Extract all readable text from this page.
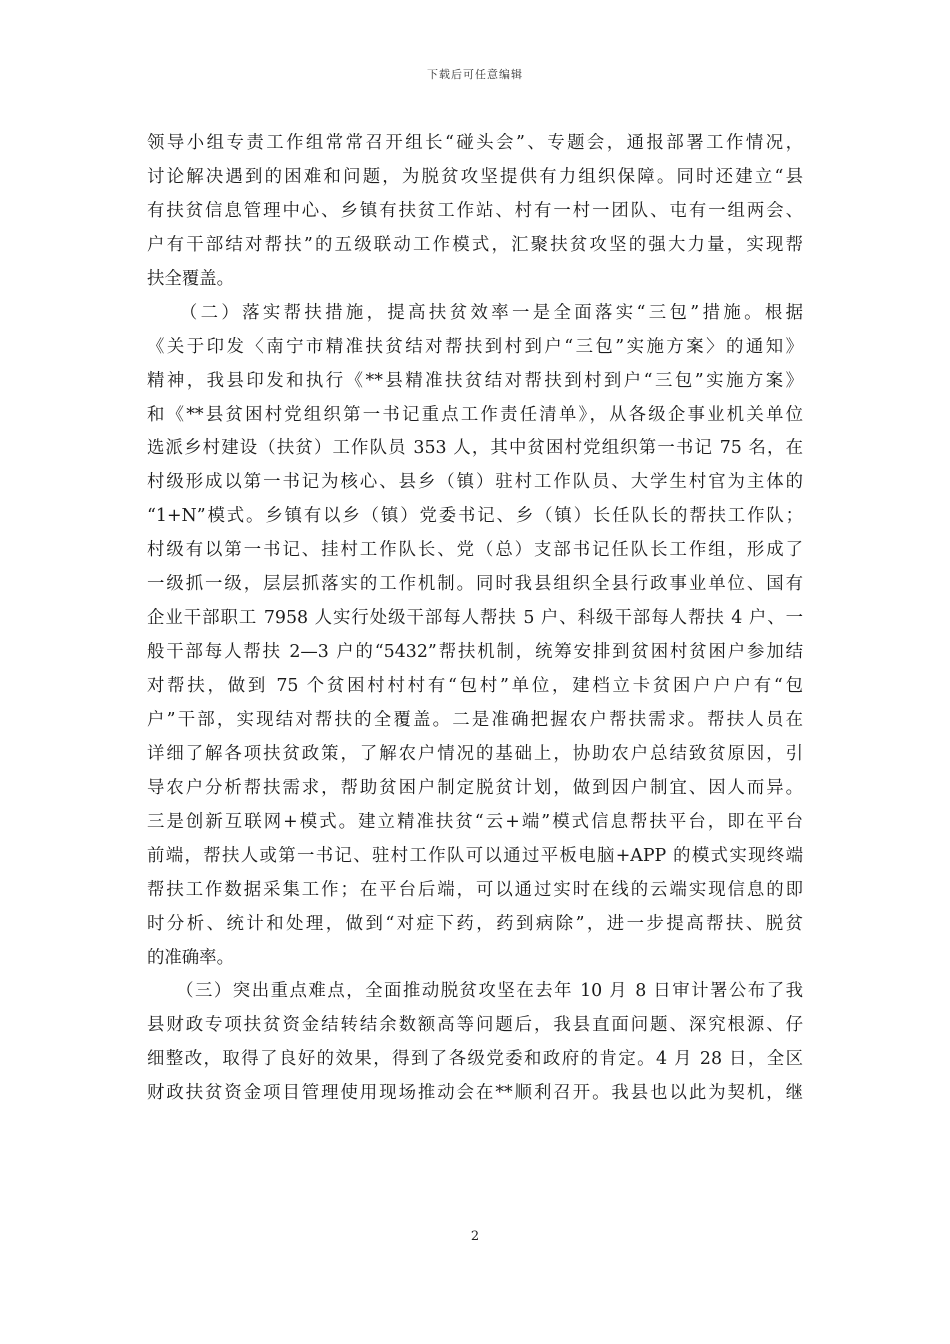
下载后可任意编辑
领导小组专责工作组常常召开组长“碰头会”、专题会，通报部署工作情况，
讨论解决遇到的困难和问题，为脱贫攻坚提供有力组织保障。同时还建立“县
有扶贫信息管理中心、乡镇有扶贫工作站、村有一村一团队、屯有一组两会、
户有干部结对帮扶”的五级联动工作模式，汇聚扶贫攻坚的强大力量，实现帮
扶全覆盖。
　　（二）落实帮扶措施，提高扶贫效率一是全面落实“三包”措施。根据
《关于印发〈南宁市精准扶贫结对帮扶到村到户“三包”实施方案〉的通知》
精神，我县印发和执行《**县精准扶贫结对帮扶到村到户“三包”实施方案》
和《**县贫困村党组织第一书记重点工作责任清单》，从各级企事业机关单位
选派乡村建设（扶贫）工作队员 353 人，其中贫困村党组织第一书记 75 名，在
村级形成以第一书记为核心、县乡（镇）驻村工作队员、大学生村官为主体的
“1+N”模式。乡镇有以乡（镇）党委书记、乡（镇）长任队长的帮扶工作队；
村级有以第一书记、挂村工作队长、党（总）支部书记任队长工作组，形成了
一级抓一级，层层抓落实的工作机制。同时我县组织全县行政事业单位、国有
企业干部职工 7958 人实行处级干部每人帮扶 5 户、科级干部每人帮扶 4 户、一
般干部每人帮扶 2—3 户的“5432”帮扶机制，统筹安排到贫困村贫困户参加结
对帮扶，做到 75 个贫困村村村有“包村”单位，建档立卡贫困户户户有“包
户”干部，实现结对帮扶的全覆盖。二是准确把握农户帮扶需求。帮扶人员在
详细了解各项扶贫政策，了解农户情况的基础上，协助农户总结致贫原因，引
导农户分析帮扶需求，帮助贫困户制定脱贫计划，做到因户制宜、因人而异。
三是创新互联网+模式。建立精准扶贫“云+端”模式信息帮扶平台，即在平台
前端，帮扶人或第一书记、驻村工作队可以通过平板电脑+APP 的模式实现终端
帮扶工作数据采集工作；在平台后端，可以通过实时在线的云端实现信息的即
时分析、统计和处理，做到“对症下药，药到病除”，进一步提高帮扶、脱贫
的准确率。
　　（三）突出重点难点，全面推动脱贫攻坚在去年 10 月 8 日审计署公布了我
县财政专项扶贫资金结转结余数额高等问题后，我县直面问题、深究根源、仔
细整改，取得了良好的效果，得到了各级党委和政府的肯定。4 月 28 日，全区
财政扶贫资金项目管理使用现场推动会在**顺利召开。我县也以此为契机，继
2
